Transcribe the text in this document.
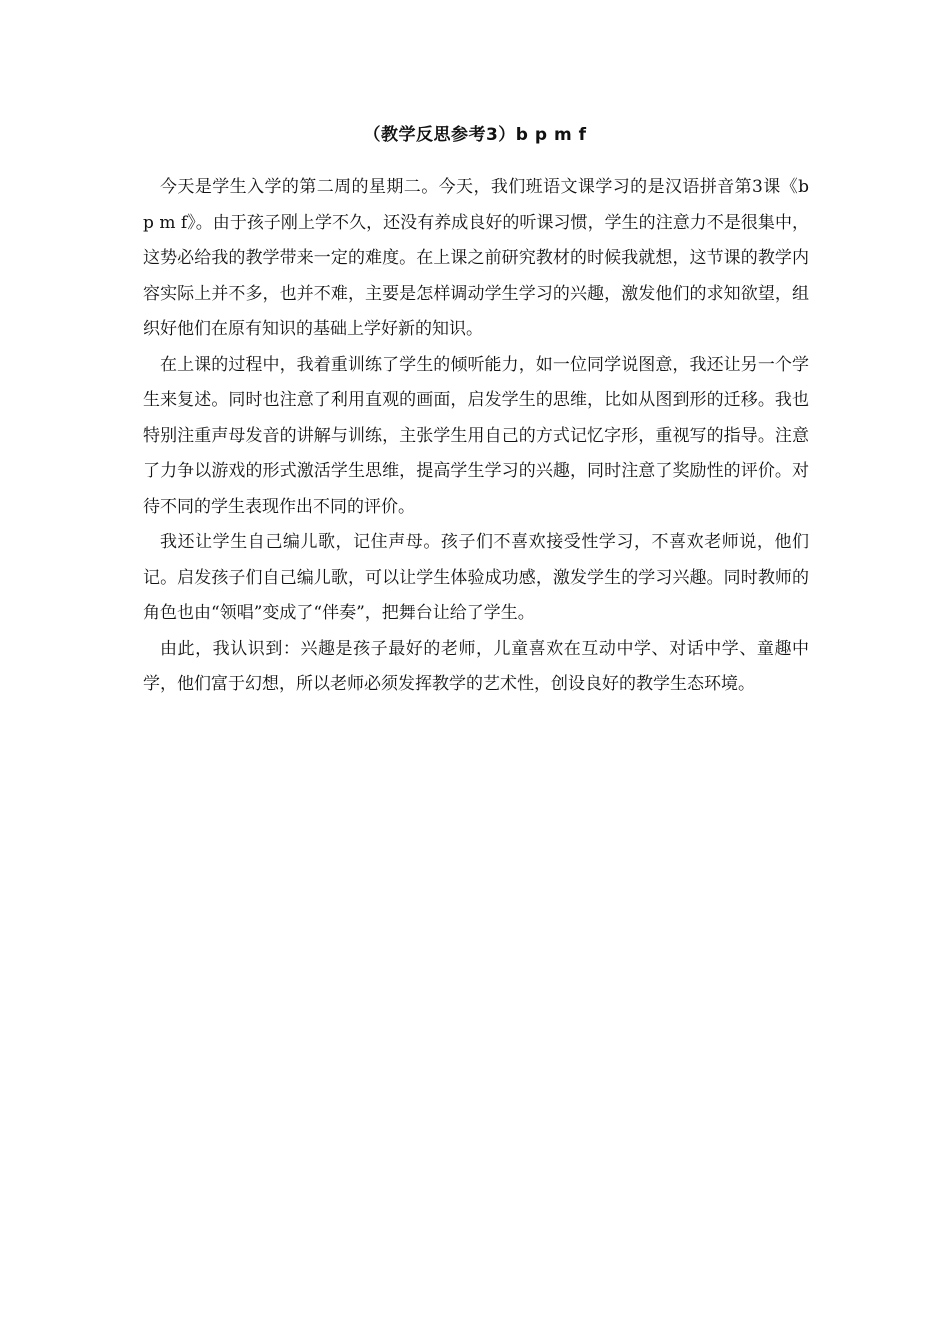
（教学反思参考3）b p m f

今天是学生入学的第二周的星期二。今天，我们班语文课学习的是汉语拼音第3课《b p m f》。由于孩子刚上学不久，还没有养成良好的听课习惯，学生的注意力不是很集中，这势必给我的教学带来一定的难度。在上课之前研究教材的时候我就想，这节课的教学内容实际上并不多，也并不难，主要是怎样调动学生学习的兴趣，激发他们的求知欲望，组织好他们在原有知识的基础上学好新的知识。

在上课的过程中，我着重训练了学生的倾听能力，如一位同学说图意，我还让另一个学生来复述。同时也注意了利用直观的画面，启发学生的思维，比如从图到形的迁移。我也特别注重声母发音的讲解与训练，主张学生用自己的方式记忆字形，重视写的指导。注意了力争以游戏的形式激活学生思维，提高学生学习的兴趣，同时注意了奖励性的评价。对待不同的学生表现作出不同的评价。

我还让学生自己编儿歌，记住声母。孩子们不喜欢接受性学习，不喜欢老师说，他们记。启发孩子们自己编儿歌，可以让学生体验成功感，激发学生的学习兴趣。同时教师的角色也由“领唱”变成了“伴奏”，把舞台让给了学生。

由此，我认识到：兴趣是孩子最好的老师，儿童喜欢在互动中学、对话中学、童趣中学，他们富于幻想，所以老师必须发挥教学的艺术性，创设良好的教学生态环境。
